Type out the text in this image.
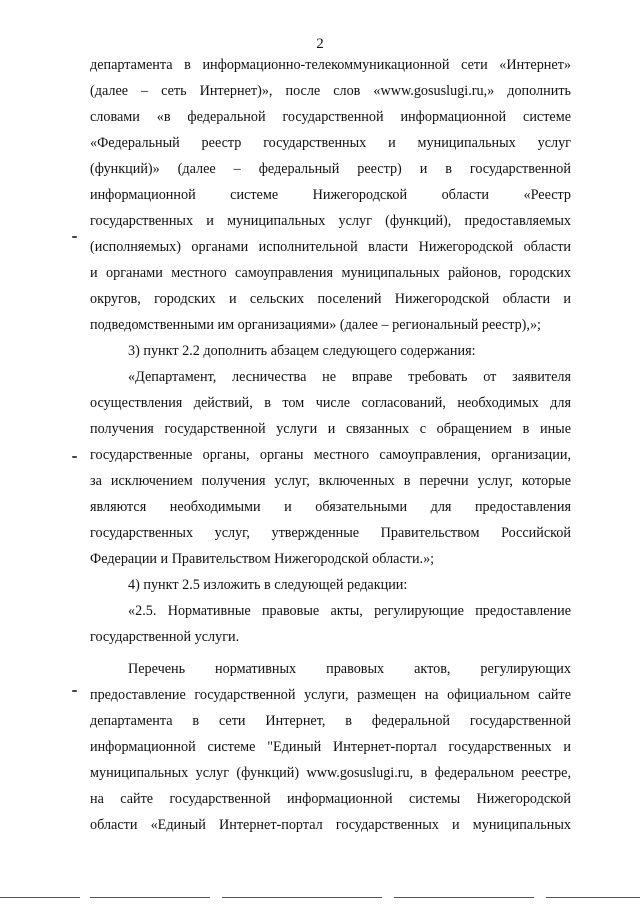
2
департамента в информационно-телекоммуникационной сети «Интернет»
(далее – сеть Интернет)», после слов «www.gosuslugi.ru,» дополнить
словами «в федеральной государственной информационной системе
«Федеральный реестр государственных и муниципальных услуг
(функций)» (далее – федеральный реестр) и в государственной
информационной системе Нижегородской области «Реестр
государственных и муниципальных услуг (функций), предоставляемых
(исполняемых) органами исполнительной власти Нижегородской области
и органами местного самоуправления муниципальных районов, городских
округов, городских и сельских поселений Нижегородской области и
подведомственными им организациями» (далее – региональный реестр),»;
3) пункт 2.2 дополнить абзацем следующего содержания:
«Департамент, лесничества не вправе требовать от заявителя
осуществления действий, в том числе согласований, необходимых для
получения государственной услуги и связанных с обращением в иные
государственные органы, органы местного самоуправления, организации,
за исключением получения услуг, включенных в перечни услуг, которые
являются необходимыми и обязательными для предоставления
государственных услуг, утвержденные Правительством Российской
Федерации и Правительством Нижегородской области.»;
4) пункт 2.5 изложить в следующей редакции:
«2.5. Нормативные правовые акты, регулирующие предоставление
государственной услуги.
Перечень нормативных правовых актов, регулирующих
предоставление государственной услуги, размещен на официальном сайте
департамента в сети Интернет, в федеральной государственной
информационной системе "Единый Интернет-портал государственных и
муниципальных услуг (функций) www.gosuslugi.ru, в федеральном реестре,
на сайте государственной информационной системы Нижегородской
области «Единый Интернет-портал государственных и муниципальных
